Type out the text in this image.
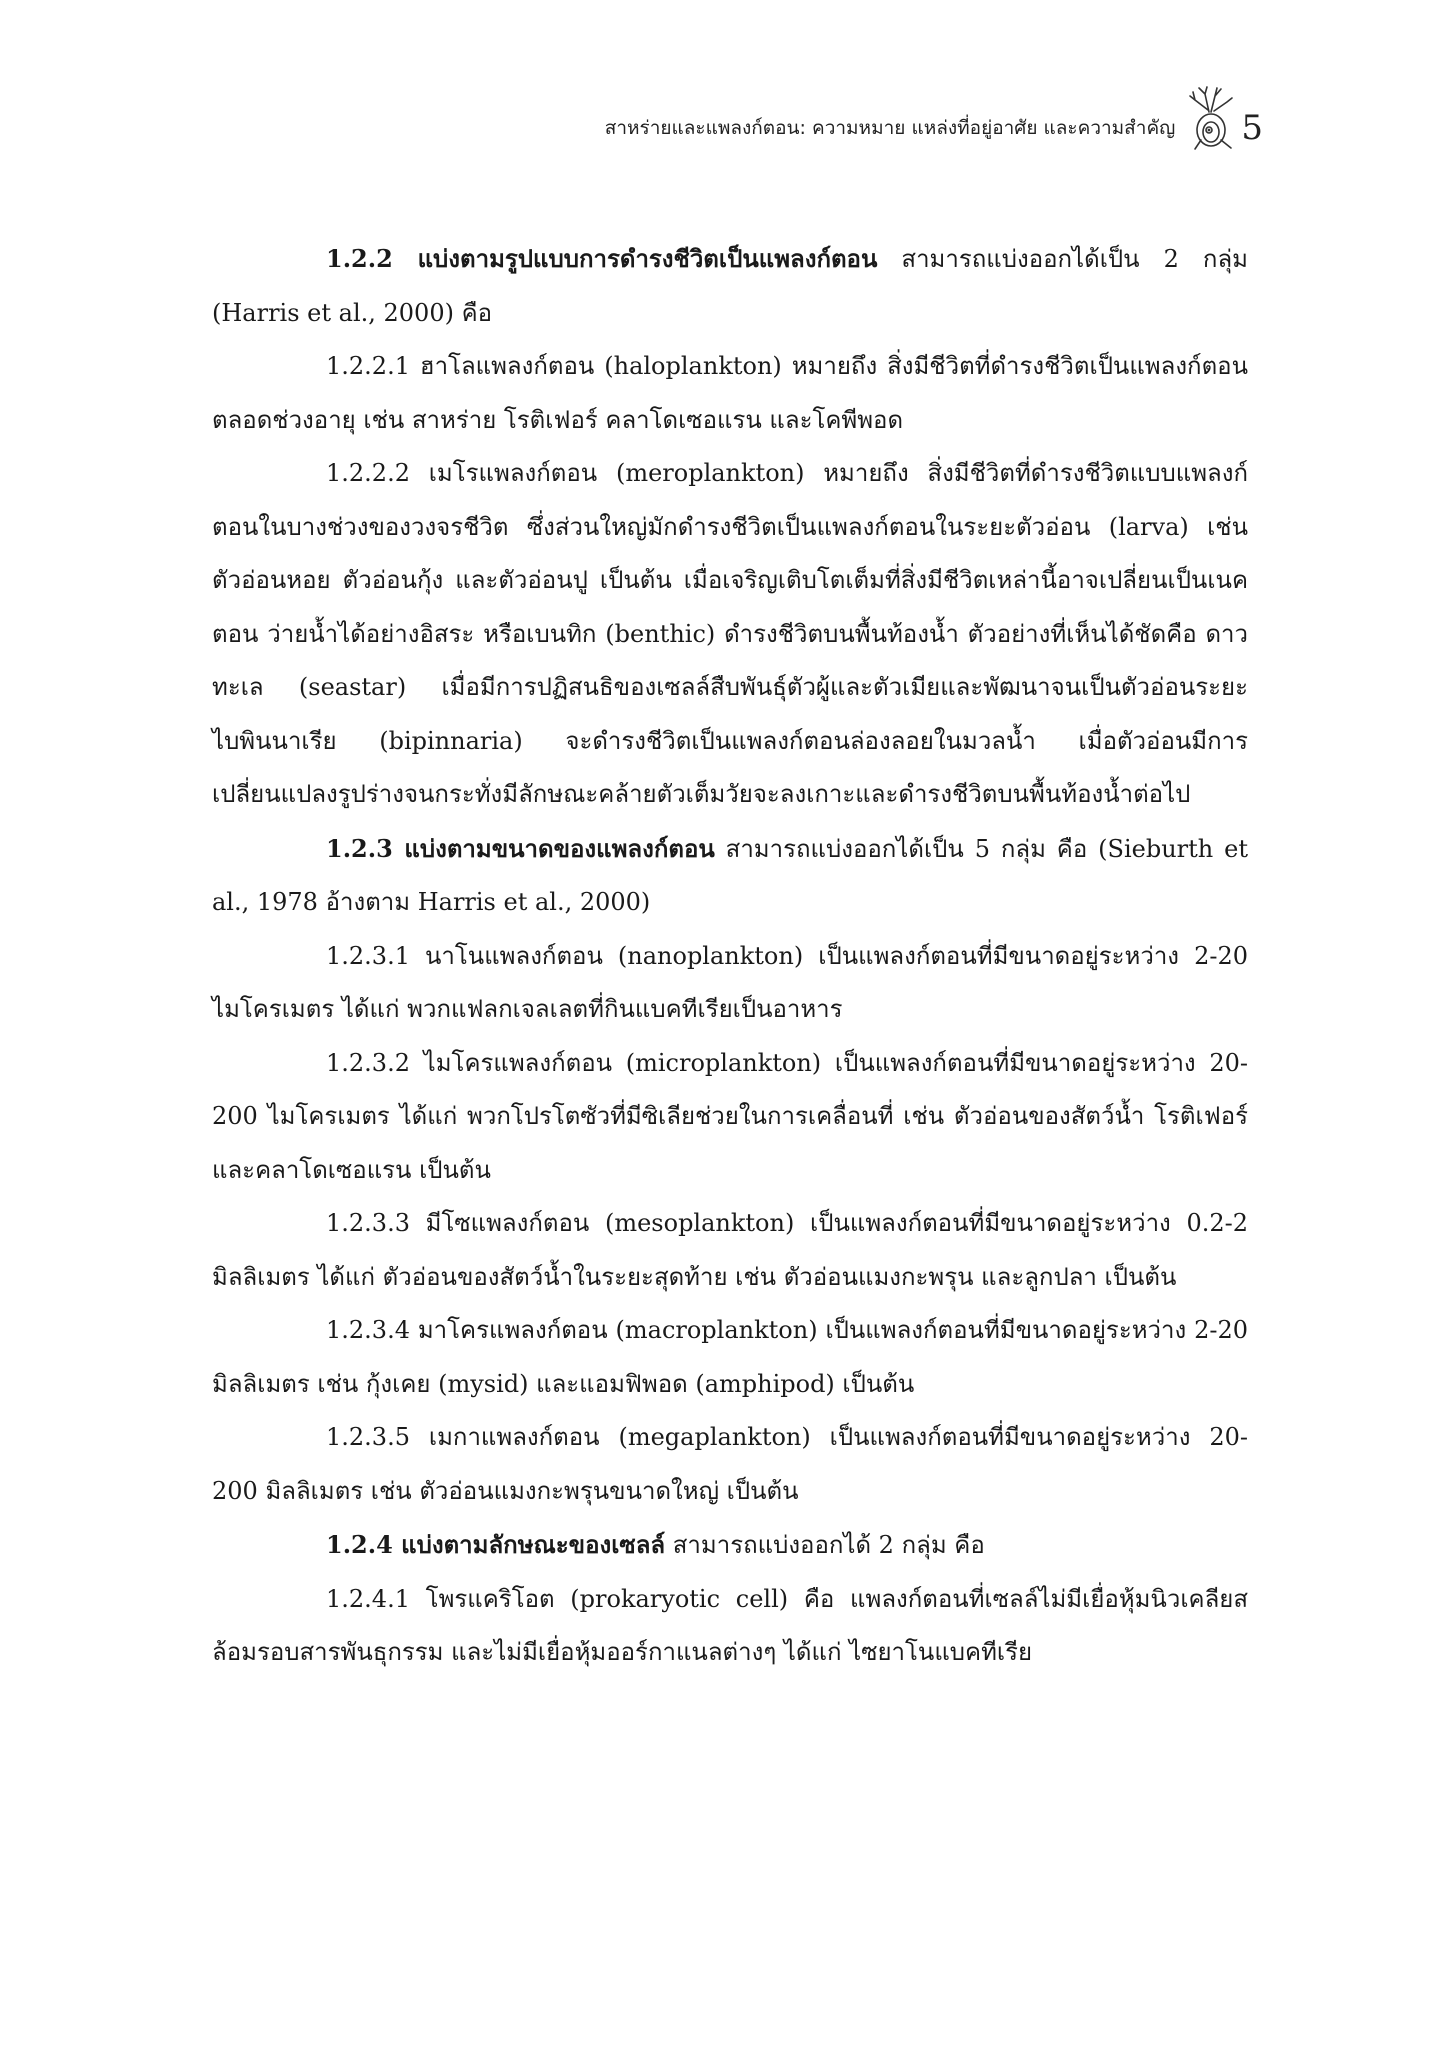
สาหร่ายและแพลงก์ตอน: ความหมาย แหล่งที่อยู่อาศัย และความสำคัญ 5

1.2.2 แบ่งตามรูปแบบการดำรงชีวิตเป็นแพลงก์ตอน สามารถแบ่งออกได้เป็น 2 กลุ่ม (Harris et al., 2000) คือ

1.2.2.1 ฮาโลแพลงก์ตอน (haloplankton) หมายถึง สิ่งมีชีวิตที่ดำรงชีวิตเป็นแพลงก์ตอนตลอดช่วงอายุ เช่น สาหร่าย โรติเฟอร์ คลาโดเซอแรน และโคพีพอด

1.2.2.2 เมโรแพลงก์ตอน (meroplankton) หมายถึง สิ่งมีชีวิตที่ดำรงชีวิตแบบแพลงก์ตอนในบางช่วงของวงจรชีวิต ซึ่งส่วนใหญ่มักดำรงชีวิตเป็นแพลงก์ตอนในระยะตัวอ่อน (larva) เช่น ตัวอ่อนหอย ตัวอ่อนกุ้ง และตัวอ่อนปู เป็นต้น เมื่อเจริญเติบโตเต็มที่สิ่งมีชีวิตเหล่านี้อาจเปลี่ยนเป็นเนคตอน ว่ายน้ำได้อย่างอิสระ หรือเบนทิก (benthic) ดำรงชีวิตบนพื้นท้องน้ำ ตัวอย่างที่เห็นได้ชัดคือ ดาวทะเล (seastar) เมื่อมีการปฏิสนธิของเซลล์สืบพันธุ์ตัวผู้และตัวเมียและพัฒนาจนเป็นตัวอ่อนระยะไบพินนาเรีย (bipinnaria) จะดำรงชีวิตเป็นแพลงก์ตอนล่องลอยในมวลน้ำ เมื่อตัวอ่อนมีการเปลี่ยนแปลงรูปร่างจนกระทั่งมีลักษณะคล้ายตัวเต็มวัยจะลงเกาะและดำรงชีวิตบนพื้นท้องน้ำต่อไป

1.2.3 แบ่งตามขนาดของแพลงก์ตอน สามารถแบ่งออกได้เป็น 5 กลุ่ม คือ (Sieburth et al., 1978 อ้างตาม Harris et al., 2000)

1.2.3.1 นาโนแพลงก์ตอน (nanoplankton) เป็นแพลงก์ตอนที่มีขนาดอยู่ระหว่าง 2-20 ไมโครเมตร ได้แก่ พวกแฟลกเจลเลตที่กินแบคทีเรียเป็นอาหาร

1.2.3.2 ไมโครแพลงก์ตอน (microplankton) เป็นแพลงก์ตอนที่มีขนาดอยู่ระหว่าง 20-200 ไมโครเมตร ได้แก่ พวกโปรโตซัวที่มีซิเลียช่วยในการเคลื่อนที่ เช่น ตัวอ่อนของสัตว์น้ำ โรติเฟอร์ และคลาโดเซอแรน เป็นต้น

1.2.3.3 มีโซแพลงก์ตอน (mesoplankton) เป็นแพลงก์ตอนที่มีขนาดอยู่ระหว่าง 0.2-2 มิลลิเมตร ได้แก่ ตัวอ่อนของสัตว์น้ำในระยะสุดท้าย เช่น ตัวอ่อนแมงกะพรุน และลูกปลา เป็นต้น

1.2.3.4 มาโครแพลงก์ตอน (macroplankton) เป็นแพลงก์ตอนที่มีขนาดอยู่ระหว่าง 2-20 มิลลิเมตร เช่น กุ้งเคย (mysid) และแอมฟิพอด (amphipod) เป็นต้น

1.2.3.5 เมกาแพลงก์ตอน (megaplankton) เป็นแพลงก์ตอนที่มีขนาดอยู่ระหว่าง 20-200 มิลลิเมตร เช่น ตัวอ่อนแมงกะพรุนขนาดใหญ่ เป็นต้น

1.2.4 แบ่งตามลักษณะของเซลล์ สามารถแบ่งออกได้ 2 กลุ่ม คือ

1.2.4.1 โพรแคริโอต (prokaryotic cell) คือ แพลงก์ตอนที่เซลล์ไม่มีเยื่อหุ้มนิวเคลียสล้อมรอบสารพันธุกรรม และไม่มีเยื่อหุ้มออร์กาแนลต่างๆ ได้แก่ ไซยาโนแบคทีเรีย
